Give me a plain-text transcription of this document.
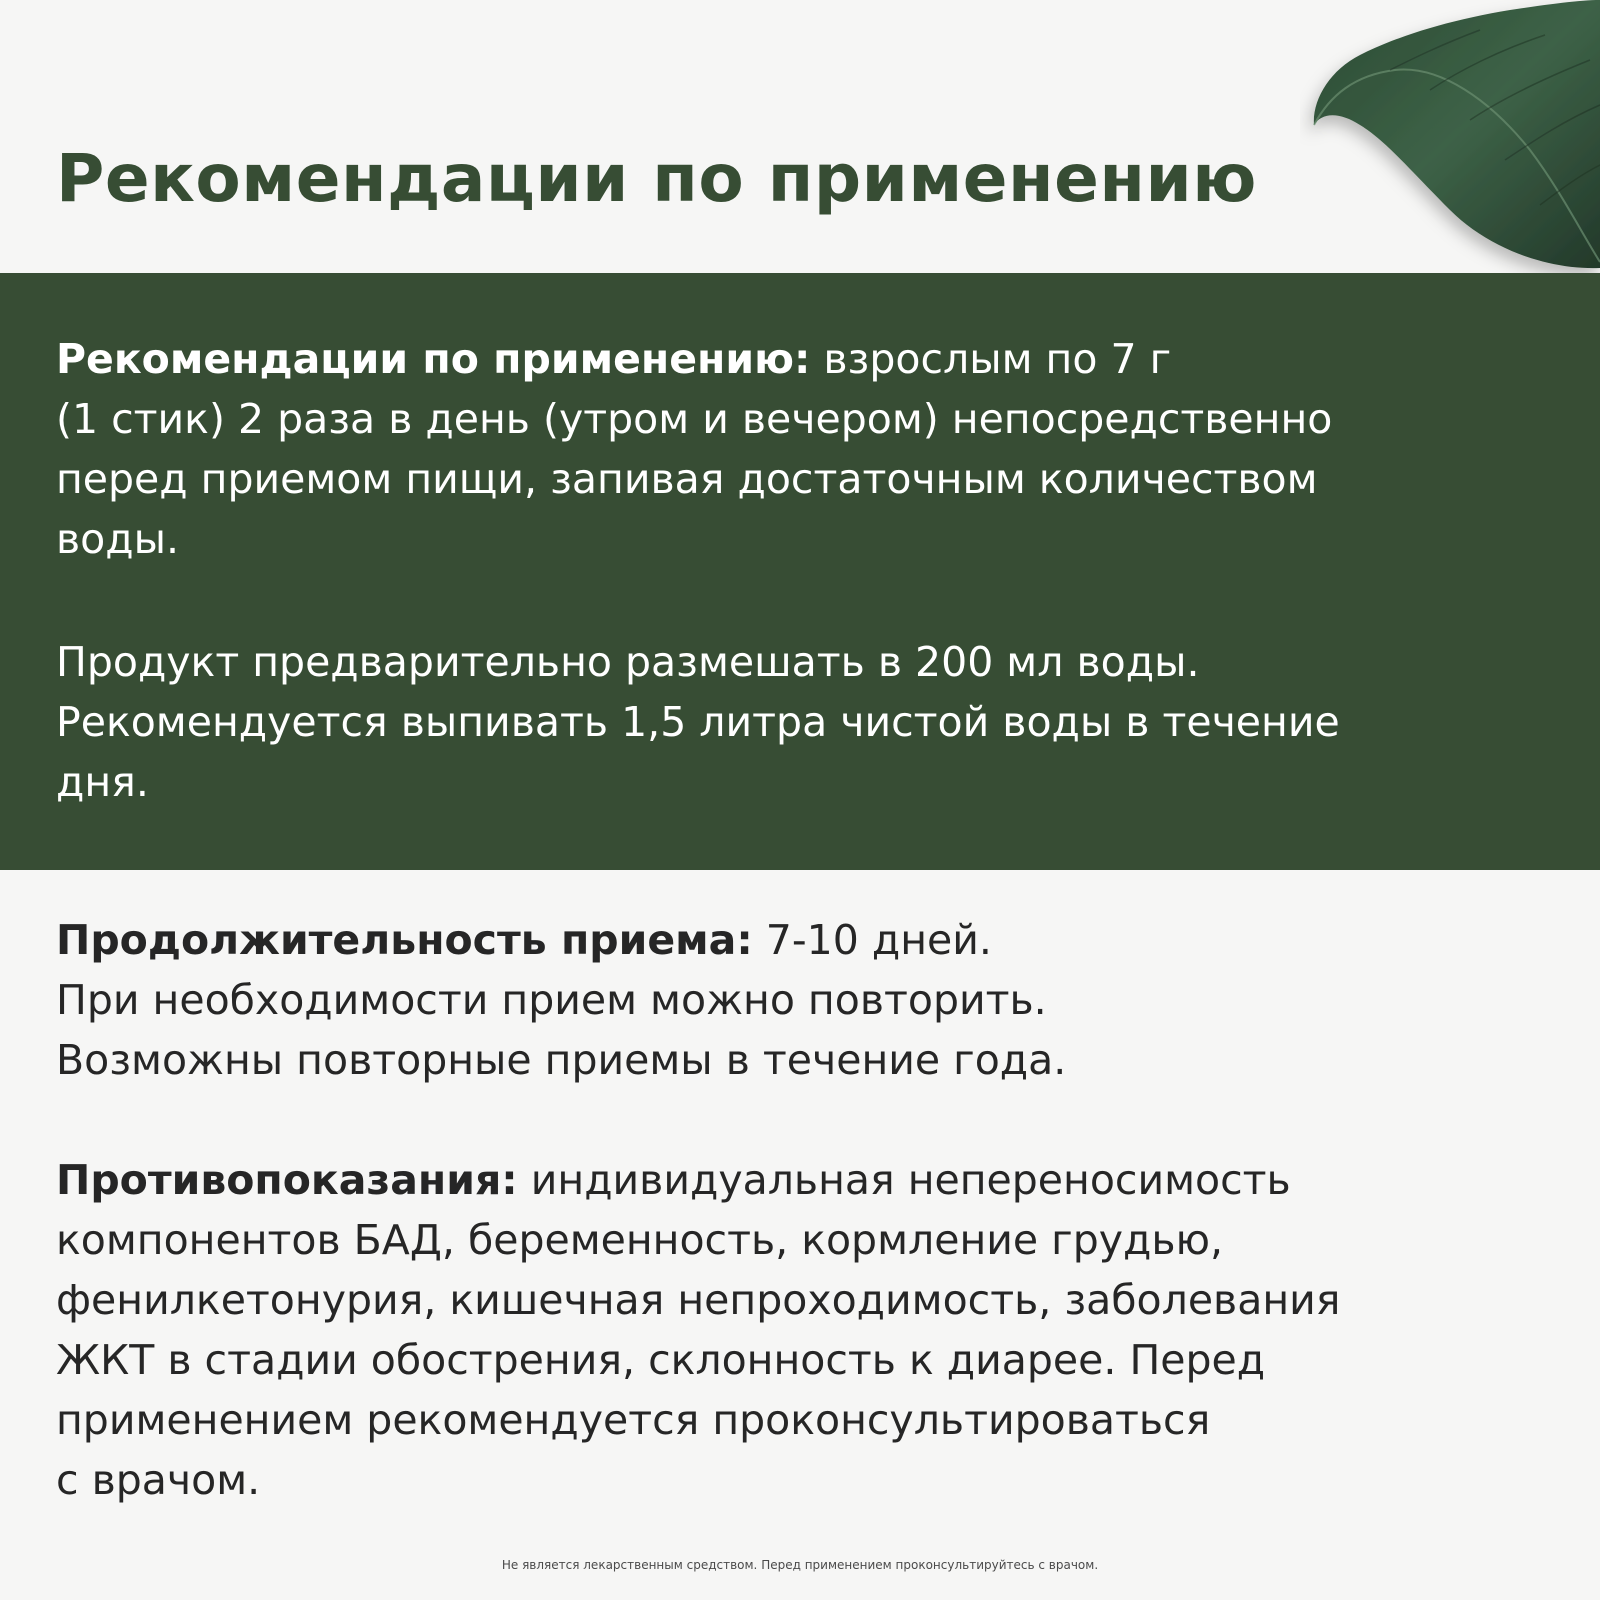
Рекомендации по применению
Рекомендации по применению: взрослым по 7 г
(1 стик) 2 раза в день (утром и вечером) непосредственно
перед приемом пищи, запивая достаточным количеством
воды.
Продукт предварительно размешать в 200 мл воды.
Рекомендуется выпивать 1,5 литра чистой воды в течение
дня.
Продолжительность приема: 7-10 дней.
При необходимости прием можно повторить.
Возможны повторные приемы в течение года.
Противопоказания: индивидуальная непереносимость
компонентов БАД, беременность, кормление грудью,
фенилкетонурия, кишечная непроходимость, заболевания
ЖКТ в стадии обострения, склонность к диарее. Перед
применением рекомендуется проконсультироваться
с врачом.
Не является лекарственным средством. Перед применением проконсультируйтесь с врачом.
